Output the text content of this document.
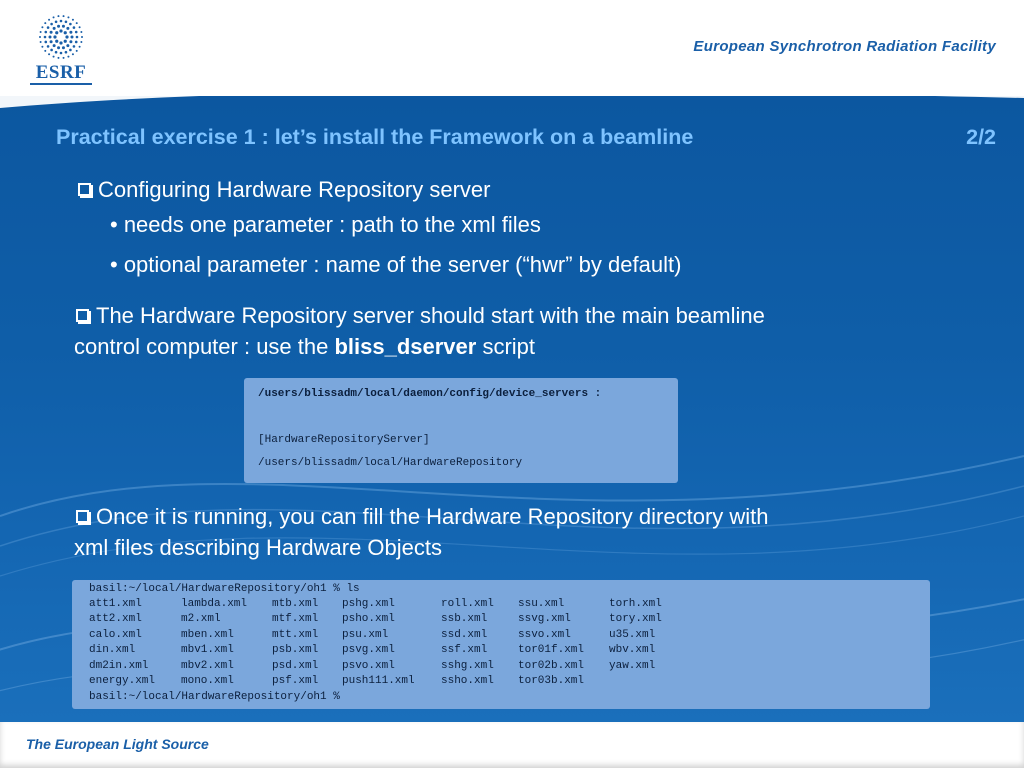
ESRF
European Synchrotron Radiation Facility
Practical exercise 1 : let’s install the Framework on a beamline	2/2
Configuring Hardware Repository server
• needs one parameter : path to the xml files
• optional parameter : name of the server (“hwr” by default)
The Hardware Repository server should start with the main beamline
control computer : use the bliss_dserver script
/users/blissadm/local/daemon/config/device_servers :
[HardwareRepositoryServer]
/users/blissadm/local/HardwareRepository
Once it is running, you can fill the Hardware Repository directory with
xml files describing Hardware Objects
basil:~/local/HardwareRepository/oh1 % ls
basil:~/local/HardwareRepository/oh1 %
att1.xml	lambda.xml mtb.xml pshg.xml	roll.xml ssu.xml	torh.xml
att2.xml	m2.xml	mtf.xml psho.xml	ssb.xml	ssvg.xml	tory.xml
calo.xml	mben.xml	mtt.xml psu.xml	ssd.xml	ssvo.xml	u35.xml
din.xml	mbv1.xml	psb.xml psvg.xml	ssf.xml	tor01f.xml wbv.xml
dm2in.xml	mbv2.xml	psd.xml psvo.xml	sshg.xml tor02b.xml yaw.xml
energy.xml mono.xml	psf.xml push111.xml ssho.xml tor03b.xml
The European Light Source
